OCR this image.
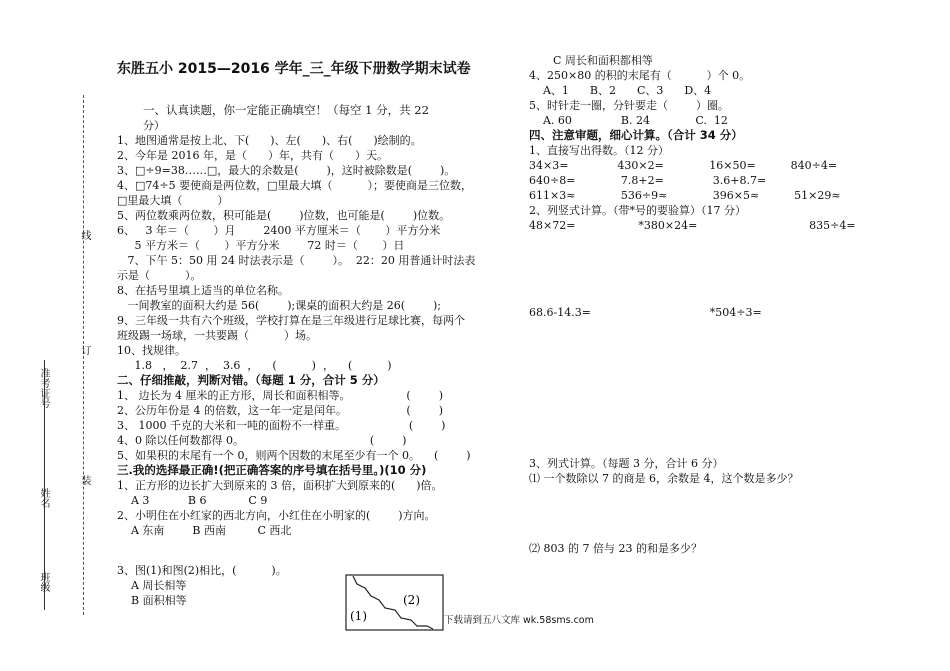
线
订
装
准考证号
姓名
班级
东胜五小 2015—2016 学年_三_年级下册数学期末试卷
一、认真读题，你一定能正确填空！（每空 1 分，共 22
分）
1、地图通常是按上北、下(      )、左(      )、右(      )绘制的。
2、今年是 2016 年，是（      ）年，共有（      ）天。
3、□÷9=38……□，最大的余数是(        )，这时被除数是(        )。
4、□74÷5 要使商是两位数，□里最大填（          ）；要使商是三位数，
□里最大填（          ）
5、两位数乘两位数，积可能是(        )位数，也可能是(        )位数。
6、   3 年＝（       ）月        2400 平方厘米＝（       ）平方分米
5 平方米＝（       ）平方分米        72 时＝（       ）日
7、下午 5：50 用 24 时法表示是（        ）。  22：20 用普通计时法表
示是（          ）。
8、在括号里填上适当的单位名称。
一间教室的面积大约是 56(        );课桌的面积大约是 26(        );
9、三年级一共有六个班级，学校打算在是三年级进行足球比赛，每两个
班级踢一场球，一共要踢（          ）场。
10、找规律。
1.8   ，  2.7  ，  3.6  ，    (          )  ，    (          )
二、仔细推敲，判断对错。（每题 1 分，合计 5 分）
1、 边长为 4 厘米的正方形，周长和面积相等。                (        )
2、公历年份是 4 的倍数，这一年一定是闰年。                 (        )
3、 1000 千克的大米和一吨的面粉不一样重。                  (        )
4、0 除以任何数都得 0。                                    (        )
5、如果积的末尾有一个 0，则两个因数的末尾至少有一个 0。    (        )
三.我的选择最正确!(把正确答案的序号填在括号里。)(10 分)
1、正方形的边长扩大到原来的 3 倍，面积扩大到原来的(      )倍。
A 3           B 6            C 9
2、小明住在小红家的西北方向，小红住在小明家的(        )方向。
A 东南        B 西南         C 西北
3、图(1)和图(2)相比，(          )。
A 周长相等
B 面积相等
(1)
(2)
C 周长和面积都相等
4、250×80 的积的末尾有（          ）个 0。
A、1      B、2      C、3      D、4
5、时针走一圈，分针要走（        ）圈。
A. 60              B. 24             C.  12
四、注意审题，细心计算。（合计 34 分）
1、直接写出得数。（12 分）
34×3=              430×2=             16×50=          840÷4=
640÷8=             7.8+2=              3.6+8.7=
611×3≈             536÷9≈             396×5≈          51×29≈
2、列竖式计算。（带*号的要验算）（17 分）
48×72=                  *380×24=                                835÷4=
68.6-14.3=                                  *504÷3=
3、列式计算。（每题 3 分，合计 6 分）
⑴ 一个数除以 7 的商是 6，余数是 4，这个数是多少？
⑵ 803 的 7 倍与 23 的和是多少？
下载请到五八文库 wk.58sms.com
